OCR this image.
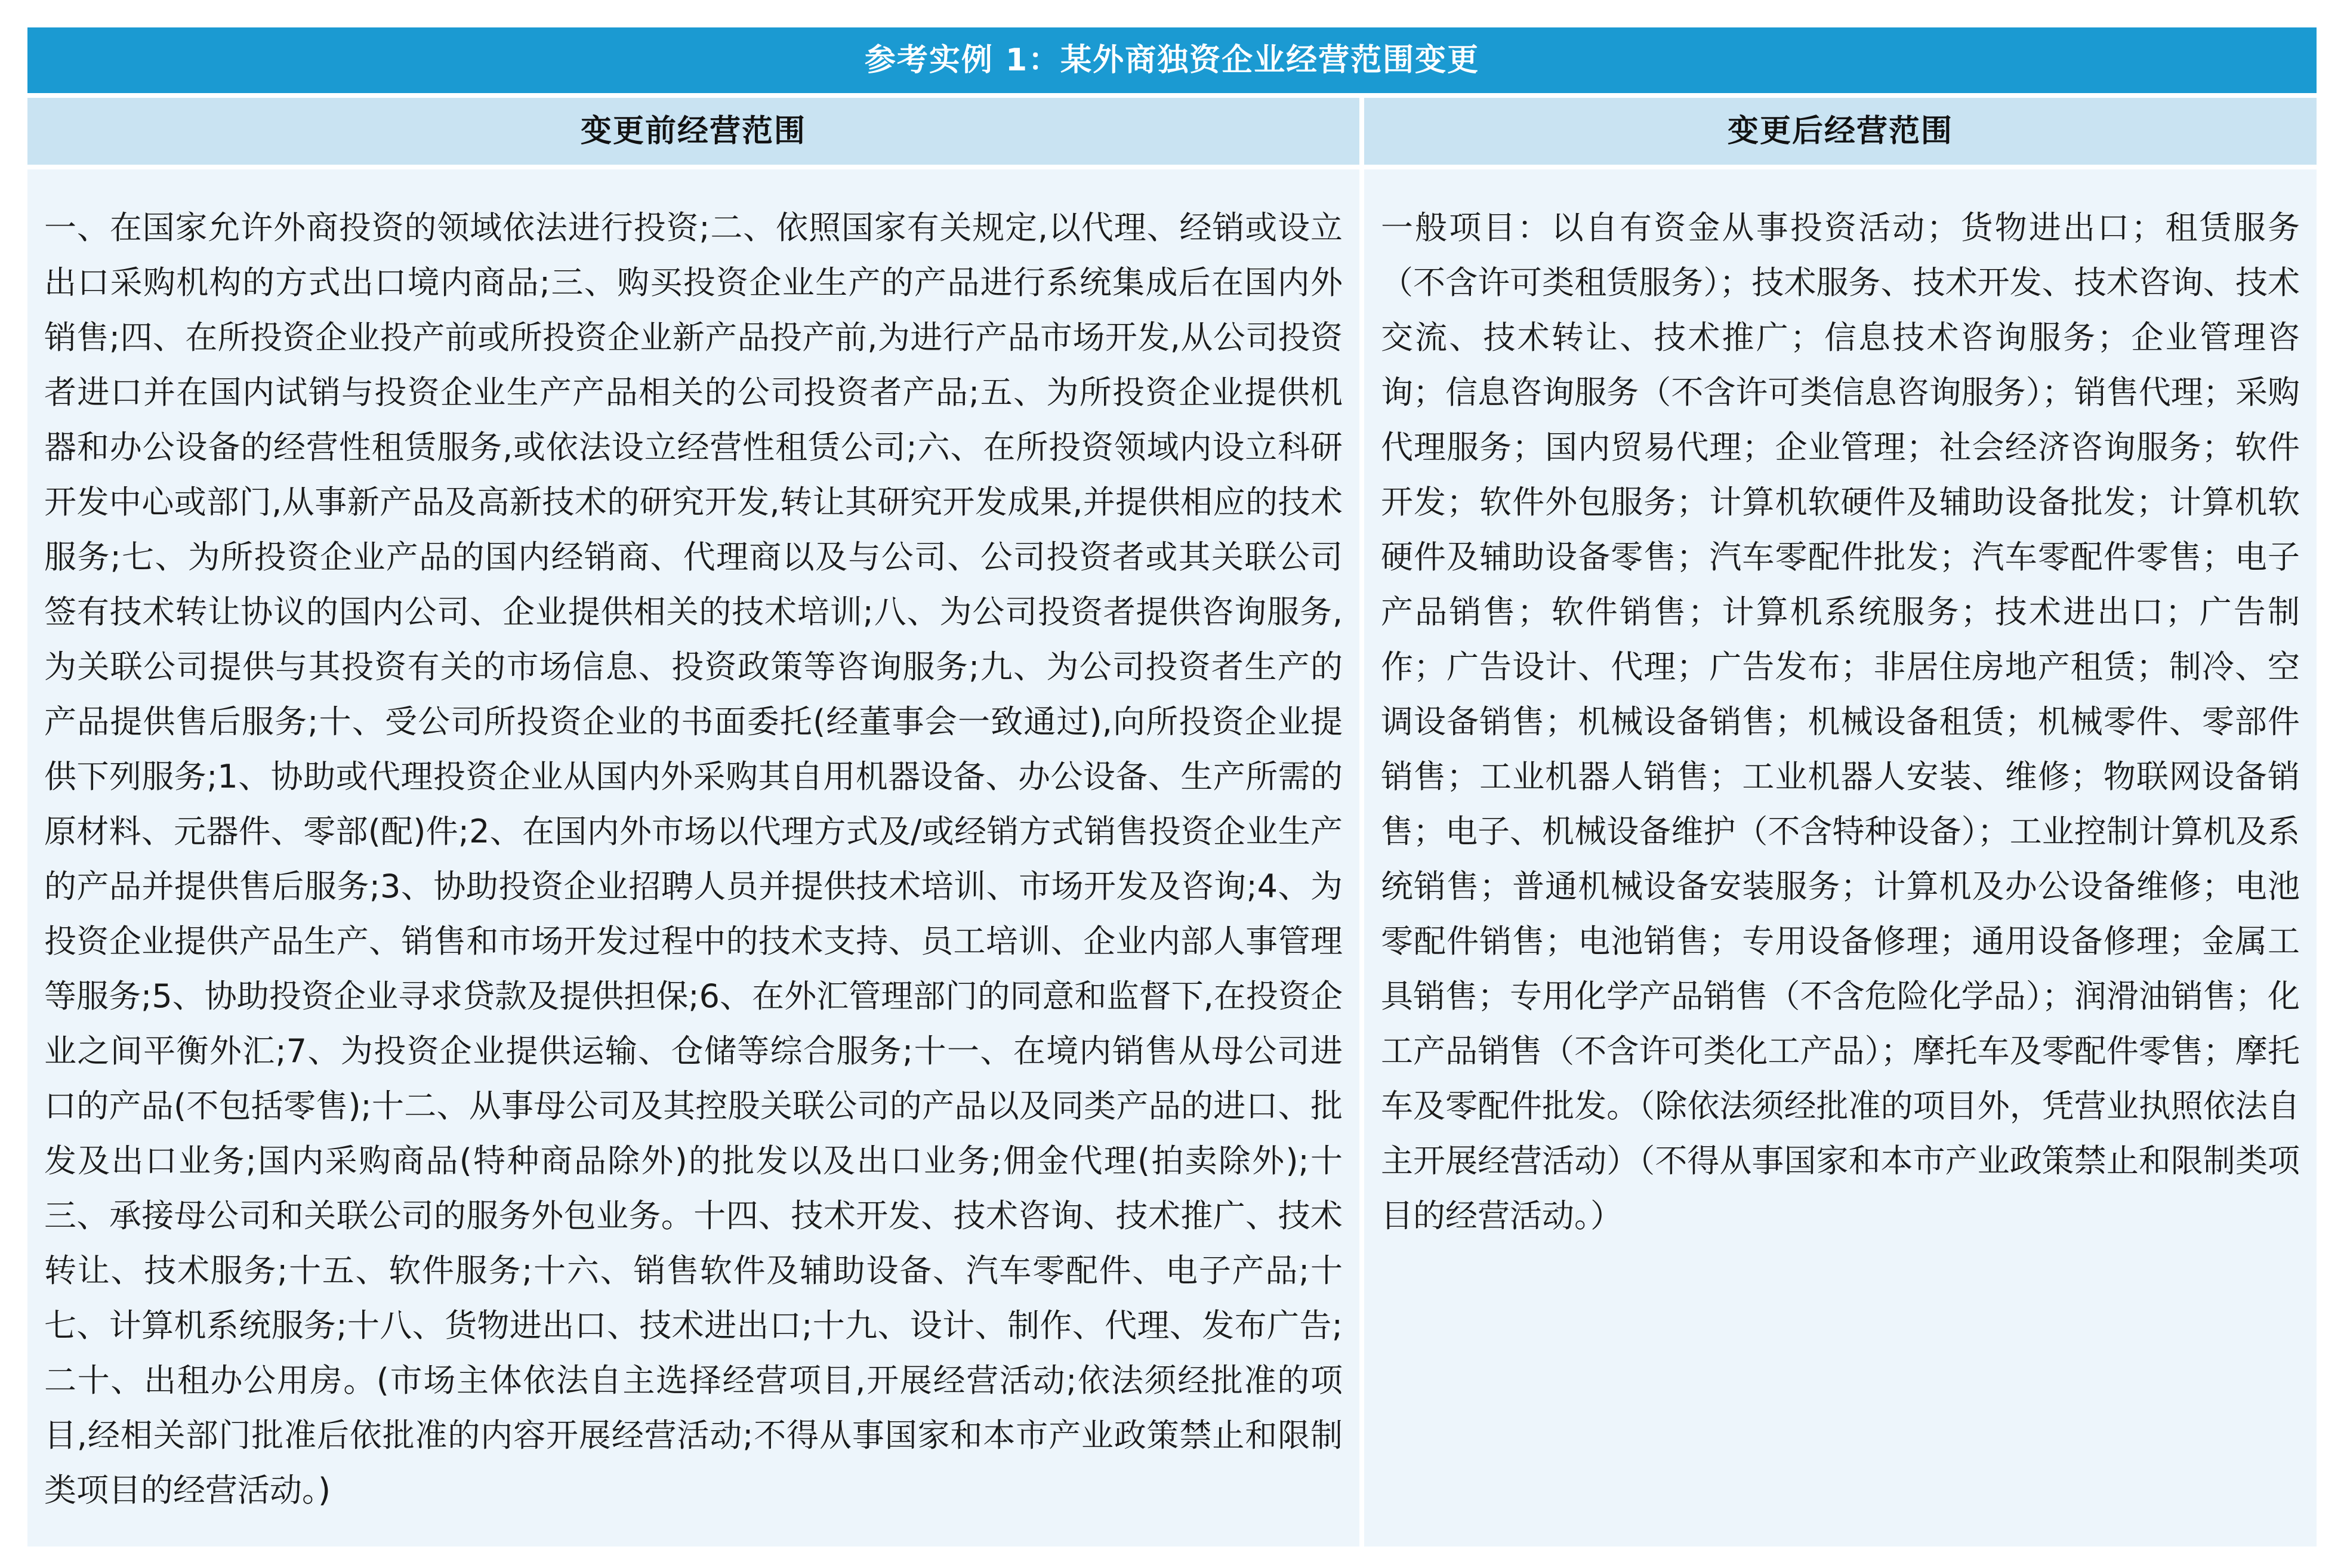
参考实例 1：某外商独资企业经营范围变更
变更前经营范围	变更后经营范围
一、在国家允许外商投资的领域依法进行投资;二、依照国家有关规定,以代理、经销或设立出口采购机构的方式出口境内商品;三、购买投资企业生产的产品进行系统集成后在国内外销售;四、在所投资企业投产前或所投资企业新产品投产前,为进行产品市场开发,从公司投资者进口并在国内试销与投资企业生产产品相关的公司投资者产品;五、为所投资企业提供机器和办公设备的经营性租赁服务,或依法设立经营性租赁公司;六、在所投资领域内设立科研开发中心或部门,从事新产品及高新技术的研究开发,转让其研究开发成果,并提供相应的技术服务;七、为所投资企业产品的国内经销商、代理商以及与公司、公司投资者或其关联公司签有技术转让协议的国内公司、企业提供相关的技术培训;八、为公司投资者提供咨询服务,为关联公司提供与其投资有关的市场信息、投资政策等咨询服务;九、为公司投资者生产的产品提供售后服务;十、受公司所投资企业的书面委托(经董事会一致通过),向所投资企业提供下列服务;1、协助或代理投资企业从国内外采购其自用机器设备、办公设备、生产所需的原材料、元器件、零部(配)件;2、在国内外市场以代理方式及/或经销方式销售投资企业生产的产品并提供售后服务;3、协助投资企业招聘人员并提供技术培训、市场开发及咨询;4、为投资企业提供产品生产、销售和市场开发过程中的技术支持、员工培训、企业内部人事管理等服务;5、协助投资企业寻求贷款及提供担保;6、在外汇管理部门的同意和监督下,在投资企业之间平衡外汇;7、为投资企业提供运输、仓储等综合服务;十一、在境内销售从母公司进口的产品(不包括零售);十二、从事母公司及其控股关联公司的产品以及同类产品的进口、批发及出口业务;国内采购商品(特种商品除外)的批发以及出口业务;佣金代理(拍卖除外);十三、承接母公司和关联公司的服务外包业务。十四、技术开发、技术咨询、技术推广、技术转让、技术服务;十五、软件服务;十六、销售软件及辅助设备、汽车零配件、电子产品;十七、计算机系统服务;十八、货物进出口、技术进出口;十九、设计、制作、代理、发布广告;二十、出租办公用房。(市场主体依法自主选择经营项目,开展经营活动;依法须经批准的项目,经相关部门批准后依批准的内容开展经营活动;不得从事国家和本市产业政策禁止和限制类项目的经营活动。)
一般项目：以自有资金从事投资活动；货物进出口；租赁服务（不含许可类租赁服务）；技术服务、技术开发、技术咨询、技术交流、技术转让、技术推广；信息技术咨询服务；企业管理咨询；信息咨询服务（不含许可类信息咨询服务）；销售代理；采购代理服务；国内贸易代理；企业管理；社会经济咨询服务；软件开发；软件外包服务；计算机软硬件及辅助设备批发；计算机软硬件及辅助设备零售；汽车零配件批发；汽车零配件零售；电子产品销售；软件销售；计算机系统服务；技术进出口；广告制作；广告设计、代理；广告发布；非居住房地产租赁；制冷、空调设备销售；机械设备销售；机械设备租赁；机械零件、零部件销售；工业机器人销售；工业机器人安装、维修；物联网设备销售；电子、机械设备维护（不含特种设备）；工业控制计算机及系统销售；普通机械设备安装服务；计算机及办公设备维修；电池零配件销售；电池销售；专用设备修理；通用设备修理；金属工具销售；专用化学产品销售（不含危险化学品）；润滑油销售；化工产品销售（不含许可类化工产品）；摩托车及零配件零售；摩托车及零配件批发。（除依法须经批准的项目外，凭营业执照依法自主开展经营活动）（不得从事国家和本市产业政策禁止和限制类项目的经营活动。）
